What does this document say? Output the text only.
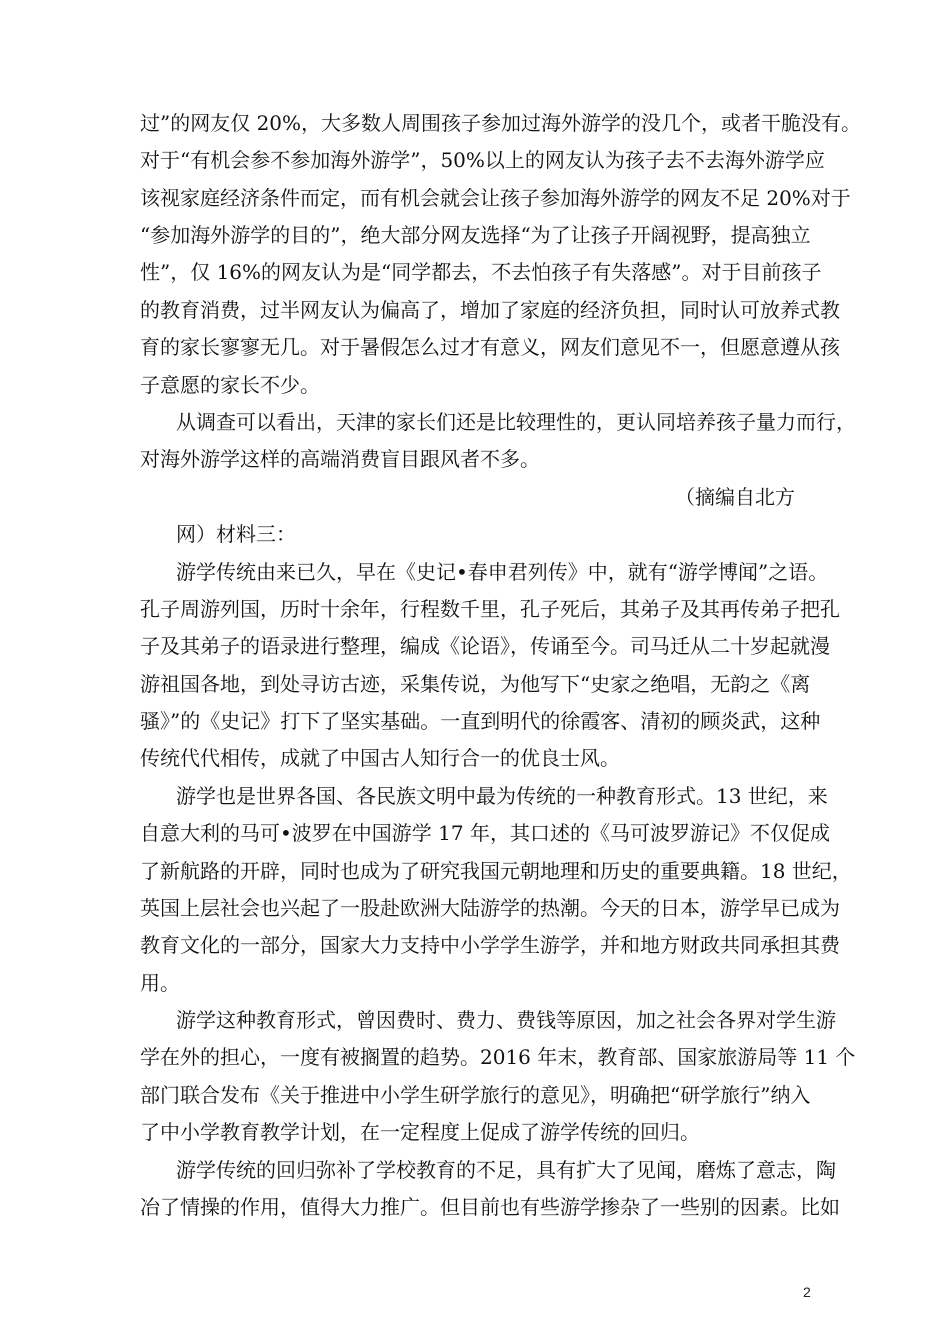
过”的网友仅 20%，大多数人周围孩子参加过海外游学的没几个，或者干脆没有。
对于“有机会参不参加海外游学”，50%以上的网友认为孩子去不去海外游学应
该视家庭经济条件而定，而有机会就会让孩子参加海外游学的网友不足 20%对于
“参加海外游学的目的”，绝大部分网友选择“为了让孩子开阔视野，提高独立
性”，仅 16%的网友认为是“同学都去，不去怕孩子有失落感”。对于目前孩子
的教育消费，过半网友认为偏高了，增加了家庭的经济负担，同时认可放养式教
育的家长寥寥无几。对于暑假怎么过才有意义，网友们意见不一，但愿意遵从孩
子意愿的家长不少。
从调查可以看出，天津的家长们还是比较理性的，更认同培养孩子量力而行，
对海外游学这样的高端消费盲目跟风者不多。
（摘编自北方
网）材料三：
游学传统由来已久，早在《史记•春申君列传》中，就有“游学博闻”之语。
孔子周游列国，历时十余年，行程数千里，孔子死后，其弟子及其再传弟子把孔
子及其弟子的语录进行整理，编成《论语》，传诵至今。司马迁从二十岁起就漫
游祖国各地，到处寻访古迹，采集传说，为他写下“史家之绝唱，无韵之《离
骚》”的《史记》打下了坚实基础。一直到明代的徐霞客、清初的顾炎武，这种
传统代代相传，成就了中国古人知行合一的优良士风。
游学也是世界各国、各民族文明中最为传统的一种教育形式。13 世纪，来
自意大利的马可•波罗在中国游学 17 年，其口述的《马可波罗游记》不仅促成
了新航路的开辟，同时也成为了研究我国元朝地理和历史的重要典籍。18 世纪，
英国上层社会也兴起了一股赴欧洲大陆游学的热潮。今天的日本，游学早已成为
教育文化的一部分，国家大力支持中小学学生游学，并和地方财政共同承担其费
用。
游学这种教育形式，曾因费时、费力、费钱等原因，加之社会各界对学生游
学在外的担心，一度有被搁置的趋势。2016 年末，教育部、国家旅游局等 11 个
部门联合发布《关于推进中小学生研学旅行的意见》，明确把“研学旅行”纳入
了中小学教育教学计划，在一定程度上促成了游学传统的回归。
游学传统的回归弥补了学校教育的不足，具有扩大了见闻，磨炼了意志，陶
冶了情操的作用，值得大力推广。但目前也有些游学掺杂了一些别的因素。比如
2
